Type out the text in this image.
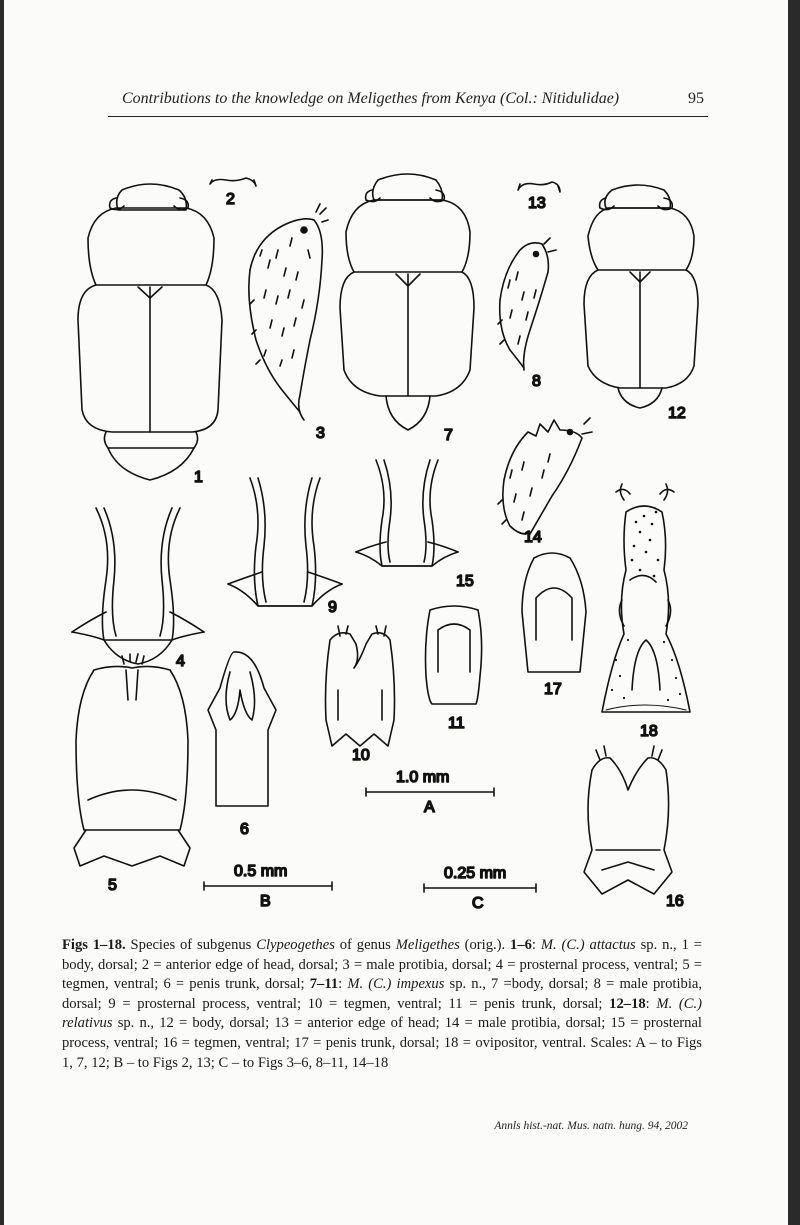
Contributions to the knowledge on Meligethes from Kenya (Col.: Nitidulidae)	95
1
2
3
4
5
6
7
8
9
10
11
12
13
14
15
16
17
18
1.0 mm
A
0.5 mm
B
0.25 mm
C
Figs 1–18. Species of subgenus Clypeogethes of genus Meligethes (orig.). 1–6: M. (C.) attactus sp. n., 1 = body, dorsal; 2 = anterior edge of head, dorsal; 3 = male protibia, dorsal; 4 = prosternal process, ventral; 5 = tegmen, ventral; 6 = penis trunk, dorsal; 7–11: M. (C.) impexus sp. n., 7 =body, dorsal; 8 = male protibia, dorsal; 9 = prosternal process, ventral; 10 = tegmen, ventral; 11 = penis trunk, dorsal; 12–18: M. (C.) relativus sp. n., 12 = body, dorsal; 13 = anterior edge of head; 14 = male protibia, dorsal; 15 = prosternal process, ventral; 16 = tegmen, ventral; 17 = penis trunk, dorsal; 18 = ovipositor, ventral. Scales: A – to Figs 1, 7, 12; B – to Figs 2, 13; C – to Figs 3–6, 8–11, 14–18
Annls hist.-nat. Mus. natn. hung. 94, 2002
